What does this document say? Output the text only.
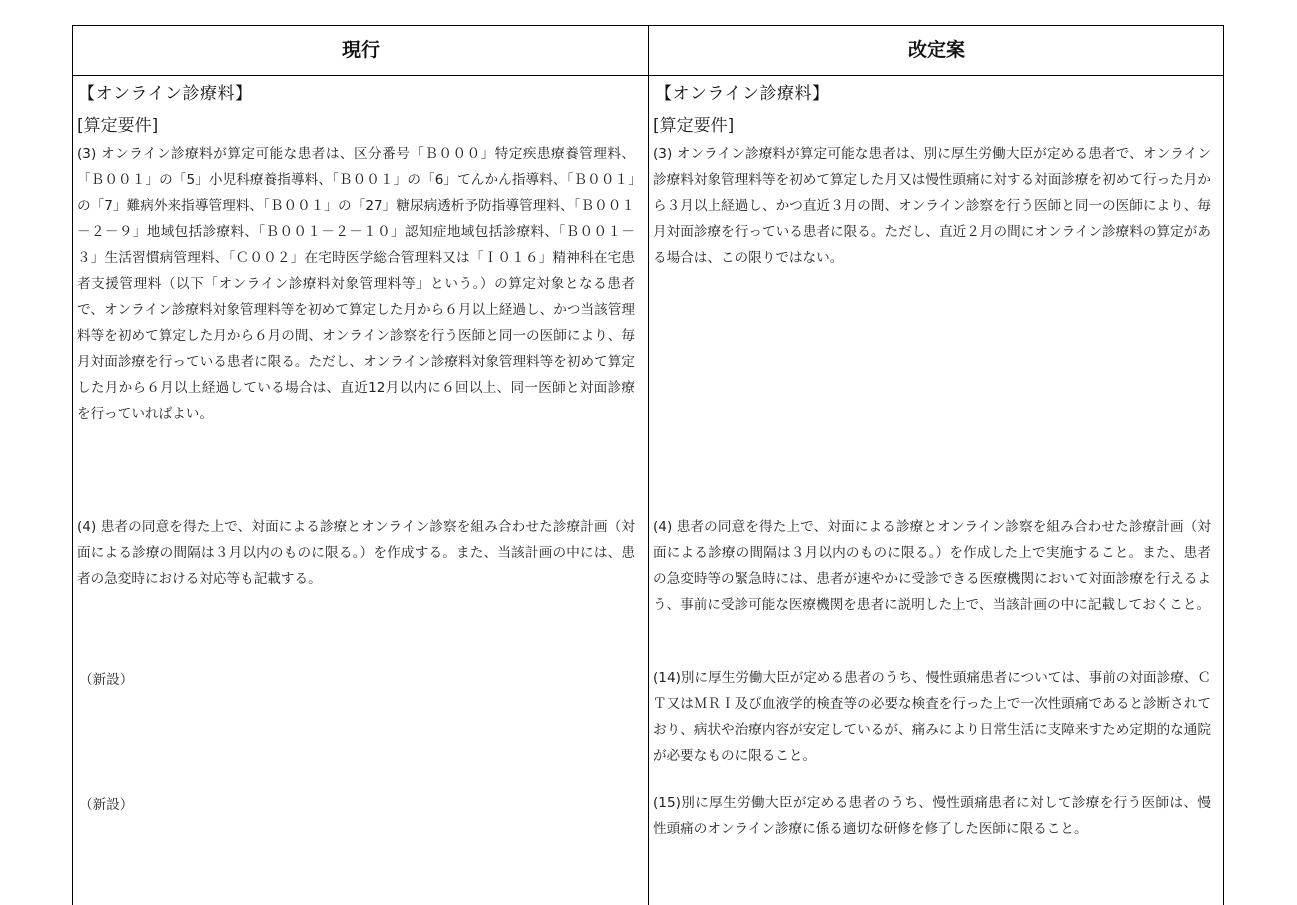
現行	改定案
【オンライン診療料】
[算定要件]
(3) オンライン診療料が算定可能な患者は、区分番号「Ｂ０００」特定疾患療養管理料、「Ｂ００１」の「5」小児科療養指導料、「Ｂ００１」の「6」てんかん指導料、「Ｂ００１」の「7」難病外来指導管理料、「Ｂ００１」の「27」糖尿病透析予防指導管理料、「Ｂ００１－２－９」地域包括診療料、「Ｂ００１－２－１０」認知症地域包括診療料、「Ｂ００１－３」生活習慣病管理料、「Ｃ００２」在宅時医学総合管理料又は「Ｉ０１６」精神科在宅患者支援管理料（以下「オンライン診療料対象管理料等」という。）の算定対象となる患者で、オンライン診療料対象管理料等を初めて算定した月から６月以上経過し、かつ当該管理料等を初めて算定した月から６月の間、オンライン診察を行う医師と同一の医師により、毎月対面診療を行っている患者に限る。ただし、オンライン診療料対象管理料等を初めて算定した月から６月以上経過している場合は、直近12月以内に６回以上、同一医師と対面診療を行っていればよい。
(4) 患者の同意を得た上で、対面による診療とオンライン診察を組み合わせた診療計画（対面による診療の間隔は３月以内のものに限る。）を作成する。また、当該計画の中には、患者の急変時における対応等も記載する。
（新設）
（新設）
【オンライン診療料】
[算定要件]
(3) オンライン診療料が算定可能な患者は、別に厚生労働大臣が定める患者で、オンライン診療料対象管理料等を初めて算定した月又は慢性頭痛に対する対面診療を初めて行った月から３月以上経過し、かつ直近３月の間、オンライン診察を行う医師と同一の医師により、毎月対面診療を行っている患者に限る。ただし、直近２月の間にオンライン診療料の算定がある場合は、この限りではない。
(4) 患者の同意を得た上で、対面による診療とオンライン診察を組み合わせた診療計画（対面による診療の間隔は３月以内のものに限る。）を作成した上で実施すること。また、患者の急変時等の緊急時には、患者が速やかに受診できる医療機関において対面診療を行えるよう、事前に受診可能な医療機関を患者に説明した上で、当該計画の中に記載しておくこと。
(14)別に厚生労働大臣が定める患者のうち、慢性頭痛患者については、事前の対面診療、ＣＴ又はＭＲＩ及び血液学的検査等の必要な検査を行った上で一次性頭痛であると診断されており、病状や治療内容が安定しているが、痛みにより日常生活に支障来すため定期的な通院が必要なものに限ること。
(15)別に厚生労働大臣が定める患者のうち、慢性頭痛患者に対して診療を行う医師は、慢性頭痛のオンライン診療に係る適切な研修を修了した医師に限ること。
